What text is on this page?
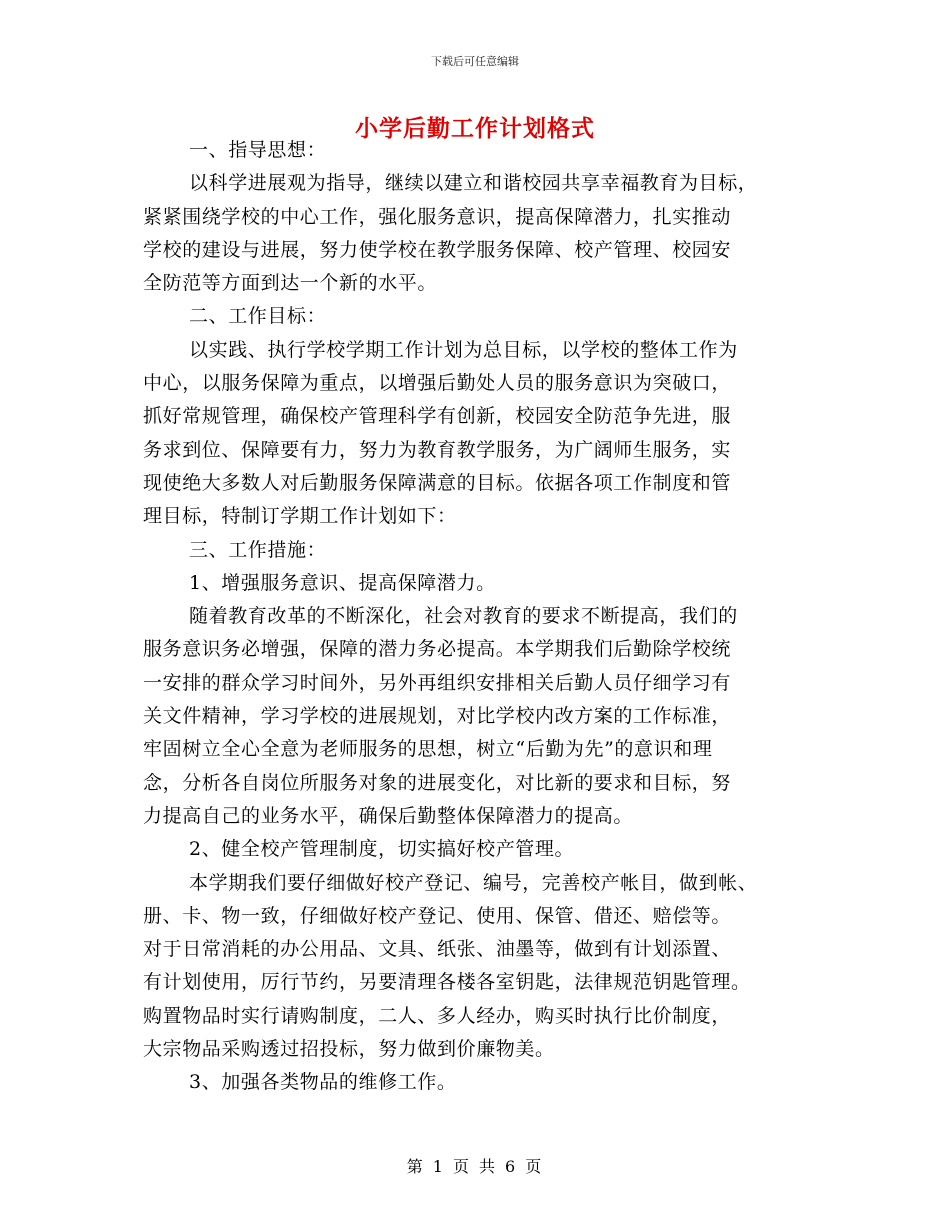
下载后可任意编辑
小学后勤工作计划格式
一、指导思想：
以科学进展观为指导，继续以建立和谐校园共享幸福教育为目标，
紧紧围绕学校的中心工作，强化服务意识，提高保障潜力，扎实推动
学校的建设与进展，努力使学校在教学服务保障、校产管理、校园安
全防范等方面到达一个新的水平。
二、工作目标：
以实践、执行学校学期工作计划为总目标，以学校的整体工作为
中心，以服务保障为重点，以增强后勤处人员的服务意识为突破口，
抓好常规管理，确保校产管理科学有创新，校园安全防范争先进，服
务求到位、保障要有力，努力为教育教学服务，为广阔师生服务，实
现使绝大多数人对后勤服务保障满意的目标。依据各项工作制度和管
理目标，特制订学期工作计划如下：
三、工作措施：
1、增强服务意识、提高保障潜力。
随着教育改革的不断深化，社会对教育的要求不断提高，我们的
服务意识务必增强，保障的潜力务必提高。本学期我们后勤除学校统
一安排的群众学习时间外，另外再组织安排相关后勤人员仔细学习有
关文件精神，学习学校的进展规划，对比学校内改方案的工作标准，
牢固树立全心全意为老师服务的思想，树立“后勤为先”的意识和理
念，分析各自岗位所服务对象的进展变化，对比新的要求和目标，努
力提高自己的业务水平，确保后勤整体保障潜力的提高。
2、健全校产管理制度，切实搞好校产管理。
本学期我们要仔细做好校产登记、编号，完善校产帐目，做到帐、
册、卡、物一致，仔细做好校产登记、使用、保管、借还、赔偿等。
对于日常消耗的办公用品、文具、纸张、油墨等，做到有计划添置、
有计划使用，厉行节约，另要清理各楼各室钥匙，法律规范钥匙管理。
购置物品时实行请购制度，二人、多人经办，购买时执行比价制度，
大宗物品采购透过招投标，努力做到价廉物美。
3、加强各类物品的维修工作。
第 1 页 共 6 页
